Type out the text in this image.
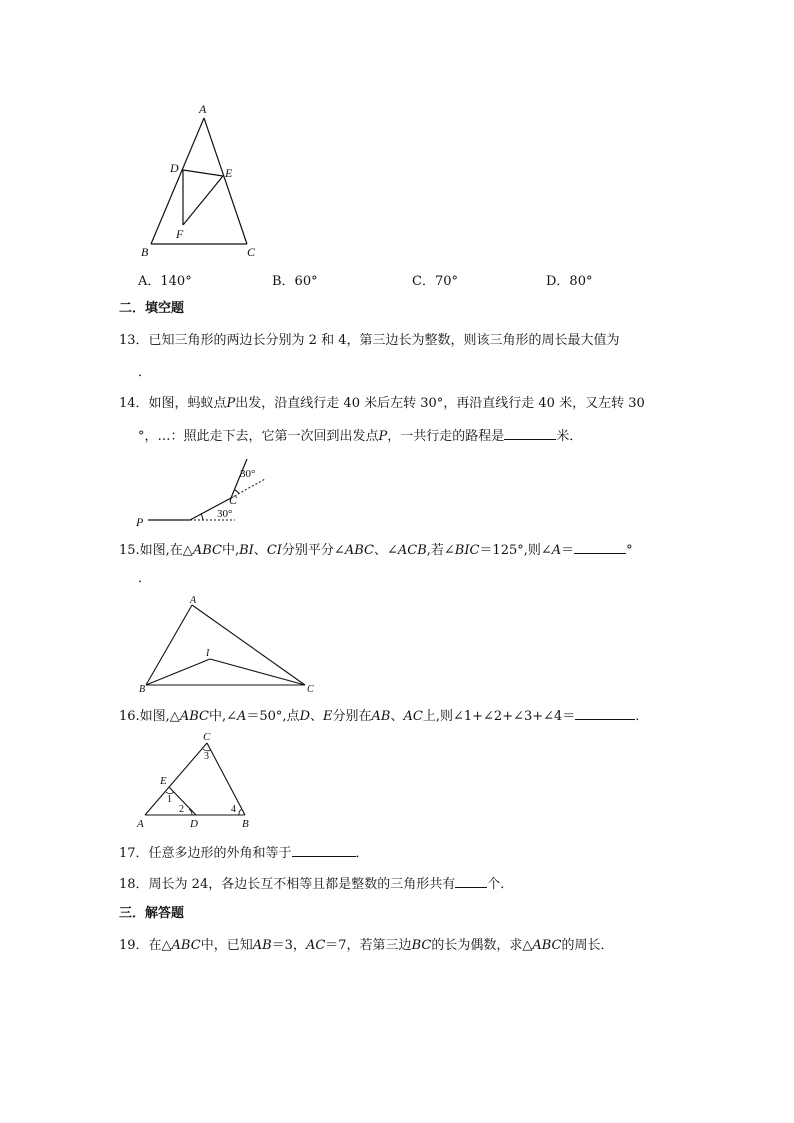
A
D	E
F
B	C
A．140°	B．60°	C．70°	D．80°
二．填空题
13．已知三角形的两边长分别为 2 和 4，第三边长为整数，则该三角形的周长最大值为
．
14．如图，蚂蚁点P出发，沿直线行走 40 米后左转 30°，再沿直线行走 40 米，又左转 30
°，…：照此走下去，它第一次回到出发点P，一共行走的路程是	米．
P
C
30°
30°
15.如图,在△ABC中,BI、CI分别平分∠ABC、∠ACB,若∠BIC＝125°,则∠A＝	°
．
A
I
B	C
16.如图,△ABC中,∠A＝50°,点D、E分别在AB、AC上,则∠1+∠2+∠3+∠4＝	．
C
E
A	D	B
1
2
3
4
17．任意多边形的外角和等于	．
18．周长为 24，各边长互不相等且都是整数的三角形共有 个．
三．解答题
19．在△ABC中，已知AB＝3，AC＝7，若第三边BC的长为偶数，求△ABC的周长．
